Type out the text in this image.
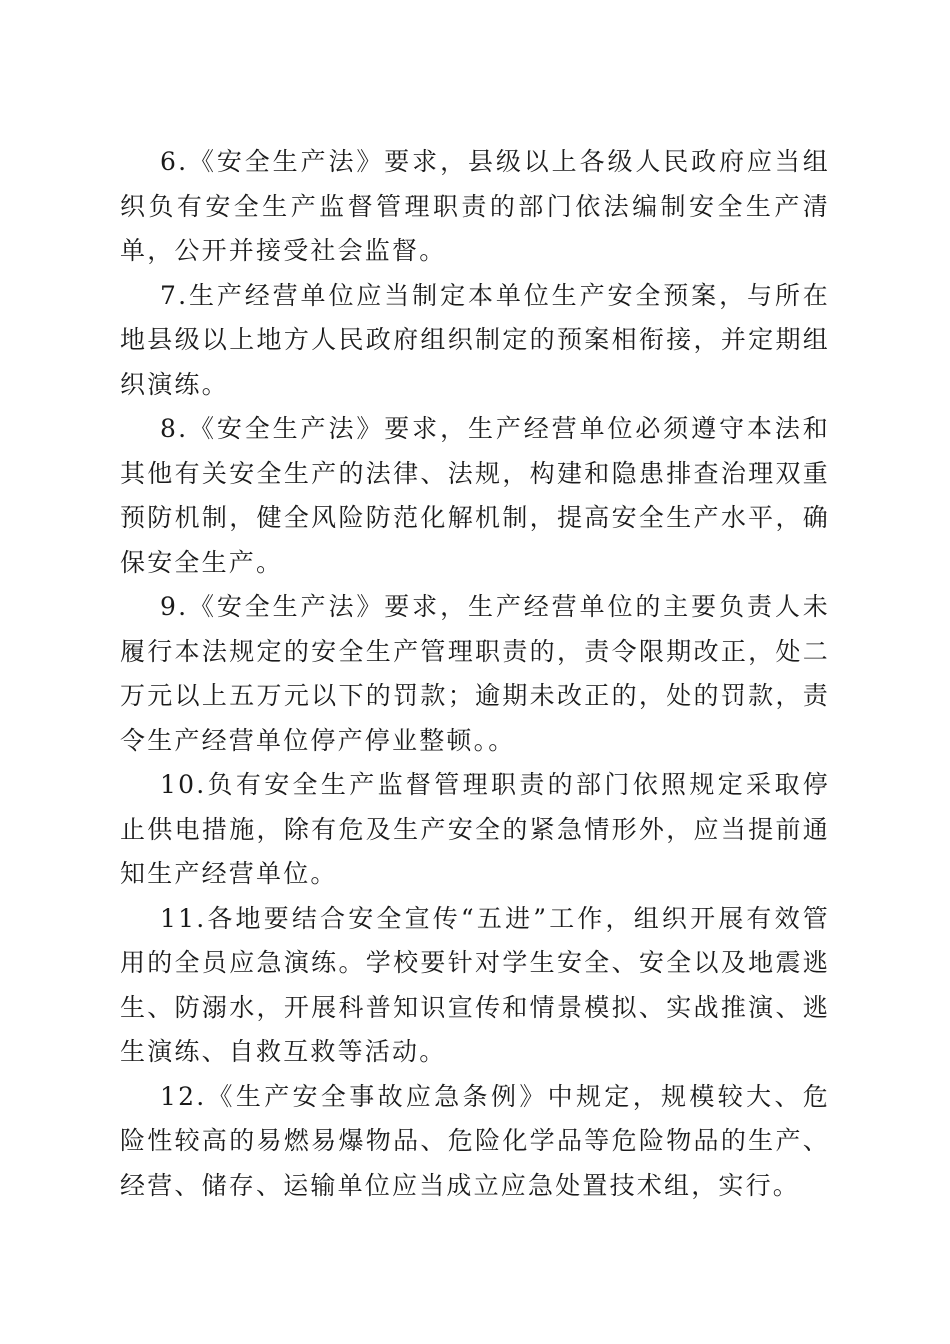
6.《安全生产法》要求，县级以上各级人民政府应当组织负有安全生产监督管理职责的部门依法编制安全生产清单，公开并接受社会监督。

7.生产经营单位应当制定本单位生产安全预案，与所在地县级以上地方人民政府组织制定的预案相衔接，并定期组织演练。

8.《安全生产法》要求，生产经营单位必须遵守本法和其他有关安全生产的法律、法规，构建和隐患排查治理双重预防机制，健全风险防范化解机制，提高安全生产水平，确保安全生产。

9.《安全生产法》要求，生产经营单位的主要负责人未履行本法规定的安全生产管理职责的，责令限期改正，处二万元以上五万元以下的罚款；逾期未改正的，处的罚款，责令生产经营单位停产停业整顿。。

10.负有安全生产监督管理职责的部门依照规定采取停止供电措施，除有危及生产安全的紧急情形外，应当提前通知生产经营单位。

11.各地要结合安全宣传“五进”工作，组织开展有效管用的全员应急演练。学校要针对学生安全、安全以及地震逃生、防溺水，开展科普知识宣传和情景模拟、实战推演、逃生演练、自救互救等活动。

12.《生产安全事故应急条例》中规定，规模较大、危险性较高的易燃易爆物品、危险化学品等危险物品的生产、经营、储存、运输单位应当成立应急处置技术组，实行。
